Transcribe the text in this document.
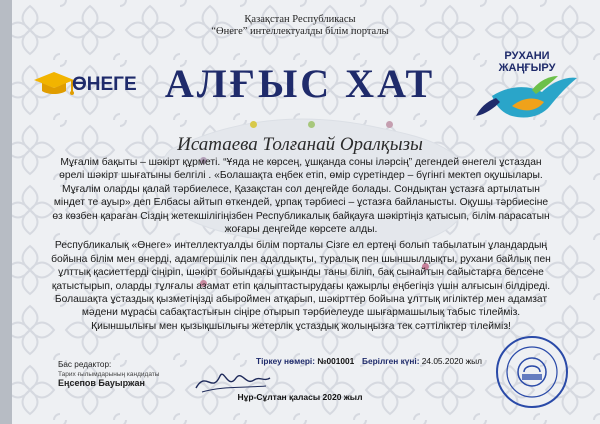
Қазақстан Республикасы
“Өнеге” интеллектуалды білім порталы
ӨНЕГЕ АЛҒЫС ХАТ
РУХАНИ
ЖАҢҒЫРУ
Исатаева Толғанай Оралқызы

Мұғалім бақыты – шәкірт құрметі. “Ұяда не көрсең, ұшқанда соны іләрсің” дегендей өнегелі ұстаздан өрелі шәкірт шығатыны белгілі . «Болашақта еңбек етіп, өмір сүретіндер – бүгінгі мектеп оқушылары. Мұғалім оларды қалай тәрбиелесе, Қазақстан сол деңгейде болады. Сондықтан ұстазға артылатын міндет те ауыр» деп Елбасы айтып өткендей, ұрпақ тәрбиесі – ұстазға байланысты. Оқушы тәрбиесіне өз көзбен қараған Сіздің жетекшілігіңізбен Республикалық байқауға шәкіртіңіз қатысып, білім парасатын жоғары деңгейде көрсете алды.

Республикалық «Өнеге» интеллектуалды білім порталы Сізге ел ертеңі болып табылатын ұландардың бойына білім мен өнерді, адамгершілік пен адалдықты, туралық пен шыншылдықты, рухани байлық пен ұлттық қасиеттерді сіңіріп, шәкірт бойындағы ұшқынды таны біліп, бақ сынайтын сайыстарға белсене қатыстырып, оларды тұлғалы азамат етіп қалыптастырудағы қажырлы еңбегіңіз үшін алғысын білдіреді. Болашақта ұстаздық қызметіңізді абыроймен атқарып, шәкірттер бойына ұлттық игіліктер мен адамзат мәдени мұрасы сабақтастығын сіңіре отырып тәрбиелеуде шығармашылық табыс тілейміз. Қиыншылығы мен қызықшылығы жетерлік ұстаздық жолыңызға тек сәттіліктер тілейміз!

Бас редактор:
Тарих ғылымдарының кандидаты
Еңсепов Бауыржан
Тіркеу нөмері: №001001 Берілген күні: 24.05.2020 жыл
Нұр-Сұлтан қаласы 2020 жыл
